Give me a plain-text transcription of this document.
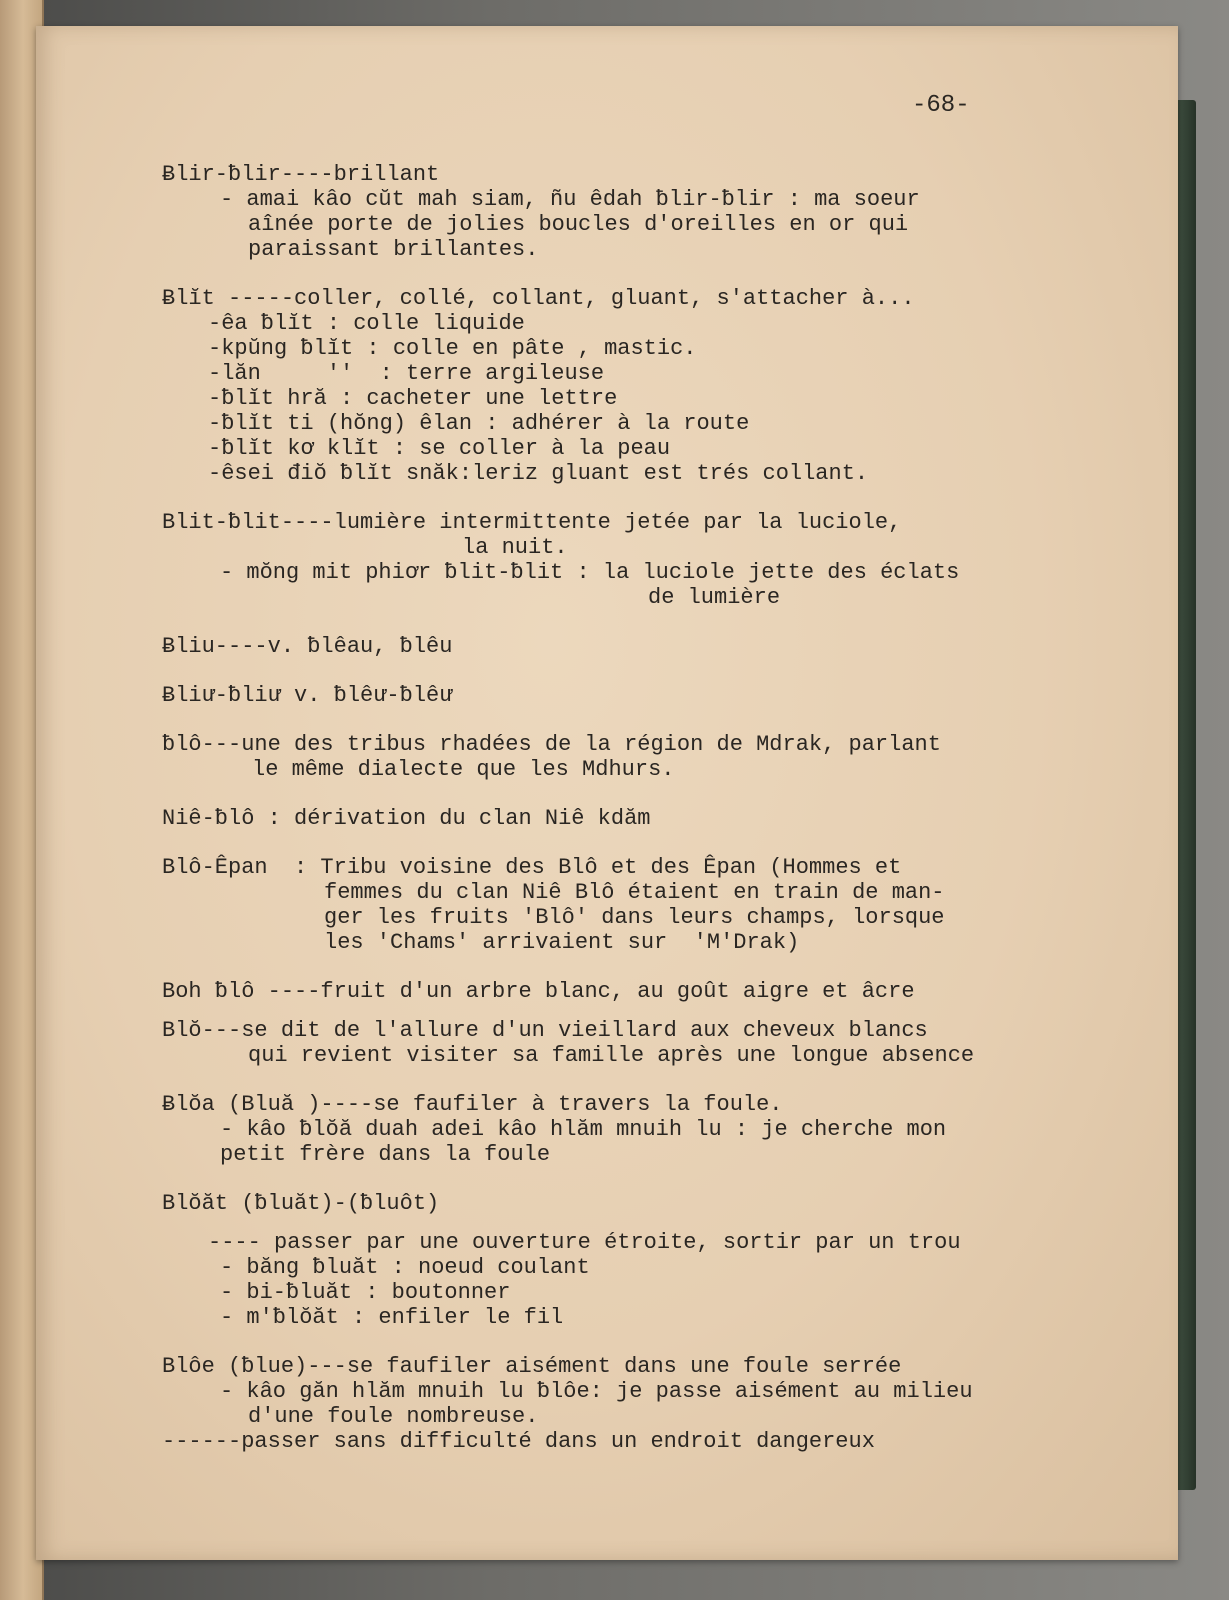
-68-

Ƀlir-ƀlir----brillant

- amai kâo cŭt mah siam, ñu êdah ƀlir-ƀlir : ma soeur

aînée porte de jolies boucles d'oreilles en or qui

paraissant brillantes.

Ƀlĭt -----coller, collé, collant, gluant, s'attacher à...

-êa ƀlĭt : colle liquide

-kpŭng ƀlĭt : colle en pâte , mastic.

-lăn     ''  : terre argileuse

-ƀlĭt hră : cacheter une lettre

-ƀlĭt ti (hŏng) êlan : adhérer à la route

-ƀlĭt kơ klĭt : se coller à la peau

-êsei điŏ ƀlĭt snăk:leriz gluant est trés collant.

Blit-ƀlit----lumière intermittente jetée par la luciole,

la nuit.

- mŏng mit phiơr ƀlit-ƀlit : la luciole jette des éclats

de lumière

Ƀliu----v. ƀlêau, ƀlêu

Ƀliư-ƀliư v. ƀlêư-ƀlêư

ƀlô---une des tribus rhadées de la région de Mdrak, parlant

le même dialecte que les Mdhurs.

Niê-ƀlô : dérivation du clan Niê kdăm

Blô-Êpan : Tribu voisine des Blô et des Êpan (Hommes et

femmes du clan Niê Blô étaient en train de man-

ger les fruits 'Blô' dans leurs champs, lorsque

les 'Chams' arrivaient sur  'M'Drak)

Boh ƀlô ----fruit d'un arbre blanc, au goût aigre et âcre

Blŏ---se dit de l'allure d'un vieillard aux cheveux blancs

qui revient visiter sa famille après une longue absence

Ƀlŏa (Bluă )----se faufiler à travers la foule.

- kâo ƀlŏă duah adei kâo hlăm mnuih lu : je cherche mon

petit frère dans la foule

Blŏăt (ƀluăt)-(ƀluôt)

---- passer par une ouverture étroite, sortir par un trou

- băng ƀluăt : noeud coulant

- bi-ƀluăt : boutonner

- m'ƀlŏăt : enfiler le fil

Blôe (ƀlue)---se faufiler aisément dans une foule serrée

- kâo găn hlăm mnuih lu ƀlôe: je passe aisément au milieu

d'une foule nombreuse.

------passer sans difficulté dans un endroit dangereux
